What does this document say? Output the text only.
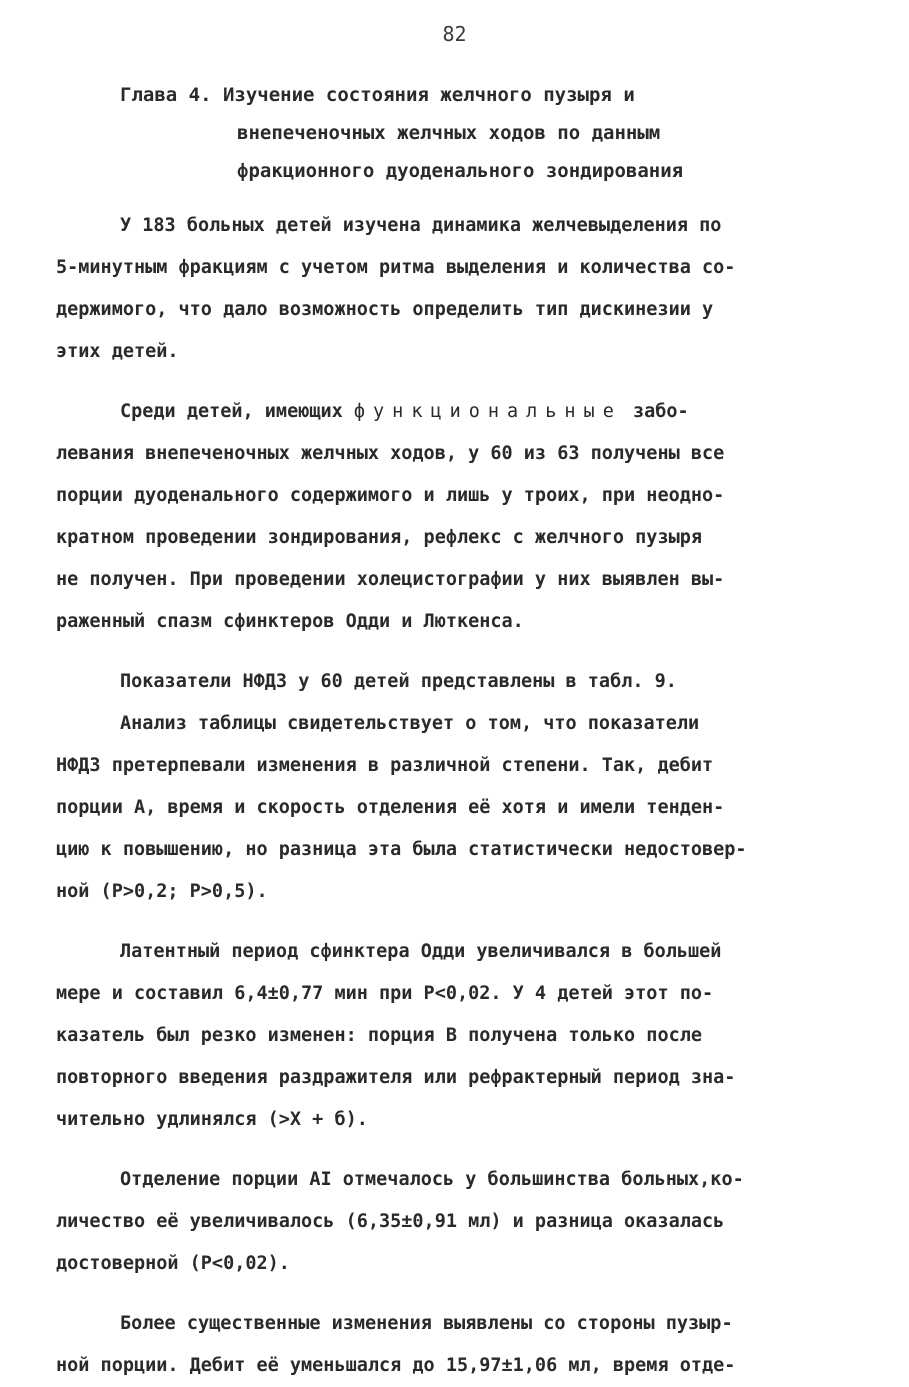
82
Глава 4. Изучение состояния желчного пузыря и
внепеченочных желчных ходов по данным
фракционного дуоденального зондирования
У 183 больных детей изучена динамика желчевыделения по
5-минутным фракциям с учетом ритма выделения и количества со-
держимого, что дало возможность определить тип дискинезии у
этих детей.
Среди детей, имеющих функциональные забо-
левания внепеченочных желчных ходов, у 60 из 63 получены все
порции дуоденального содержимого и лишь у троих, при неодно-
кратном проведении зондирования, рефлекс с желчного пузыря
не получен. При проведении холецистографии у них выявлен вы-
раженный спазм сфинктеров Одди и Люткенса.
Показатели НФДЗ у 60 детей представлены в табл. 9.
Анализ таблицы свидетельствует о том, что показатели
НФДЗ претерпевали изменения в различной степени. Так, дебит
порции А, время и скорость отделения её хотя и имели тенден-
цию к повышению, но разница эта была статистически недостовер-
ной (P>0,2; P>0,5).
Латентный период сфинктера Одди увеличивался в большей
мере и составил 6,4±0,77 мин при P<0,02. У 4 детей этот по-
казатель был резко изменен: порция В получена только после
повторного введения раздражителя или рефрактерный период зна-
чительно удлинялся (>X + б).
Отделение порции AI отмечалось у большинства больных,ко-
личество её увеличивалось (6,35±0,91 мл) и разница оказалась
достоверной (P<0,02).
Более существенные изменения выявлены со стороны пузыр-
ной порции. Дебит её уменьшался до 15,97±1,06 мл, время отде-
